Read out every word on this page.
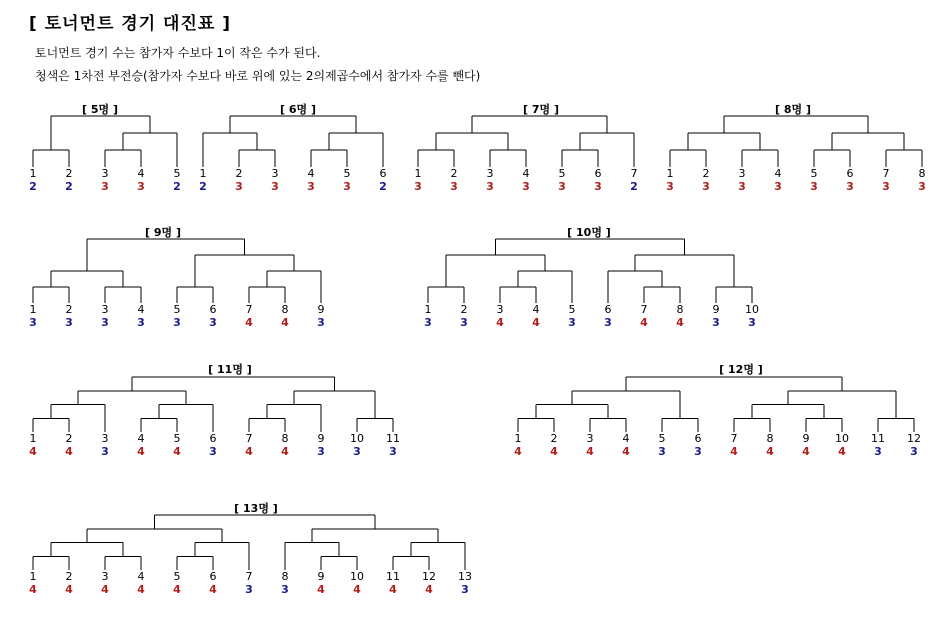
[ 토너먼트 경기 대진표 ]
토너먼트 경기 수는 참가자 수보다 1이 작은 수가 된다.
청색은 1차전 부전승(참가자 수보다 바로 위에 있는 2의제곱수에서 참가자 수를 뺀다)
[ 5명 ]
1
2
2
2
3
3
4
3
5
2
[ 6명 ]
1
2
2
3
3
3
4
3
5
3
6
2
[ 7명 ]
1
3
2
3
3
3
4
3
5
3
6
3
7
2
[ 8명 ]
1
3
2
3
3
3
4
3
5
3
6
3
7
3
8
3
[ 9명 ]
1
3
2
3
3
3
4
3
5
3
6
3
7
4
8
4
9
3
[ 10명 ]
1
3
2
3
3
4
4
4
5
3
6
3
7
4
8
4
9
3
10
3
[ 11명 ]
1
4
2
4
3
3
4
4
5
4
6
3
7
4
8
4
9
3
10
3
11
3
[ 12명 ]
1
4
2
4
3
4
4
4
5
3
6
3
7
4
8
4
9
4
10
4
11
3
12
3
[ 13명 ]
1
4
2
4
3
4
4
4
5
4
6
4
7
3
8
3
9
4
10
4
11
4
12
4
13
3
